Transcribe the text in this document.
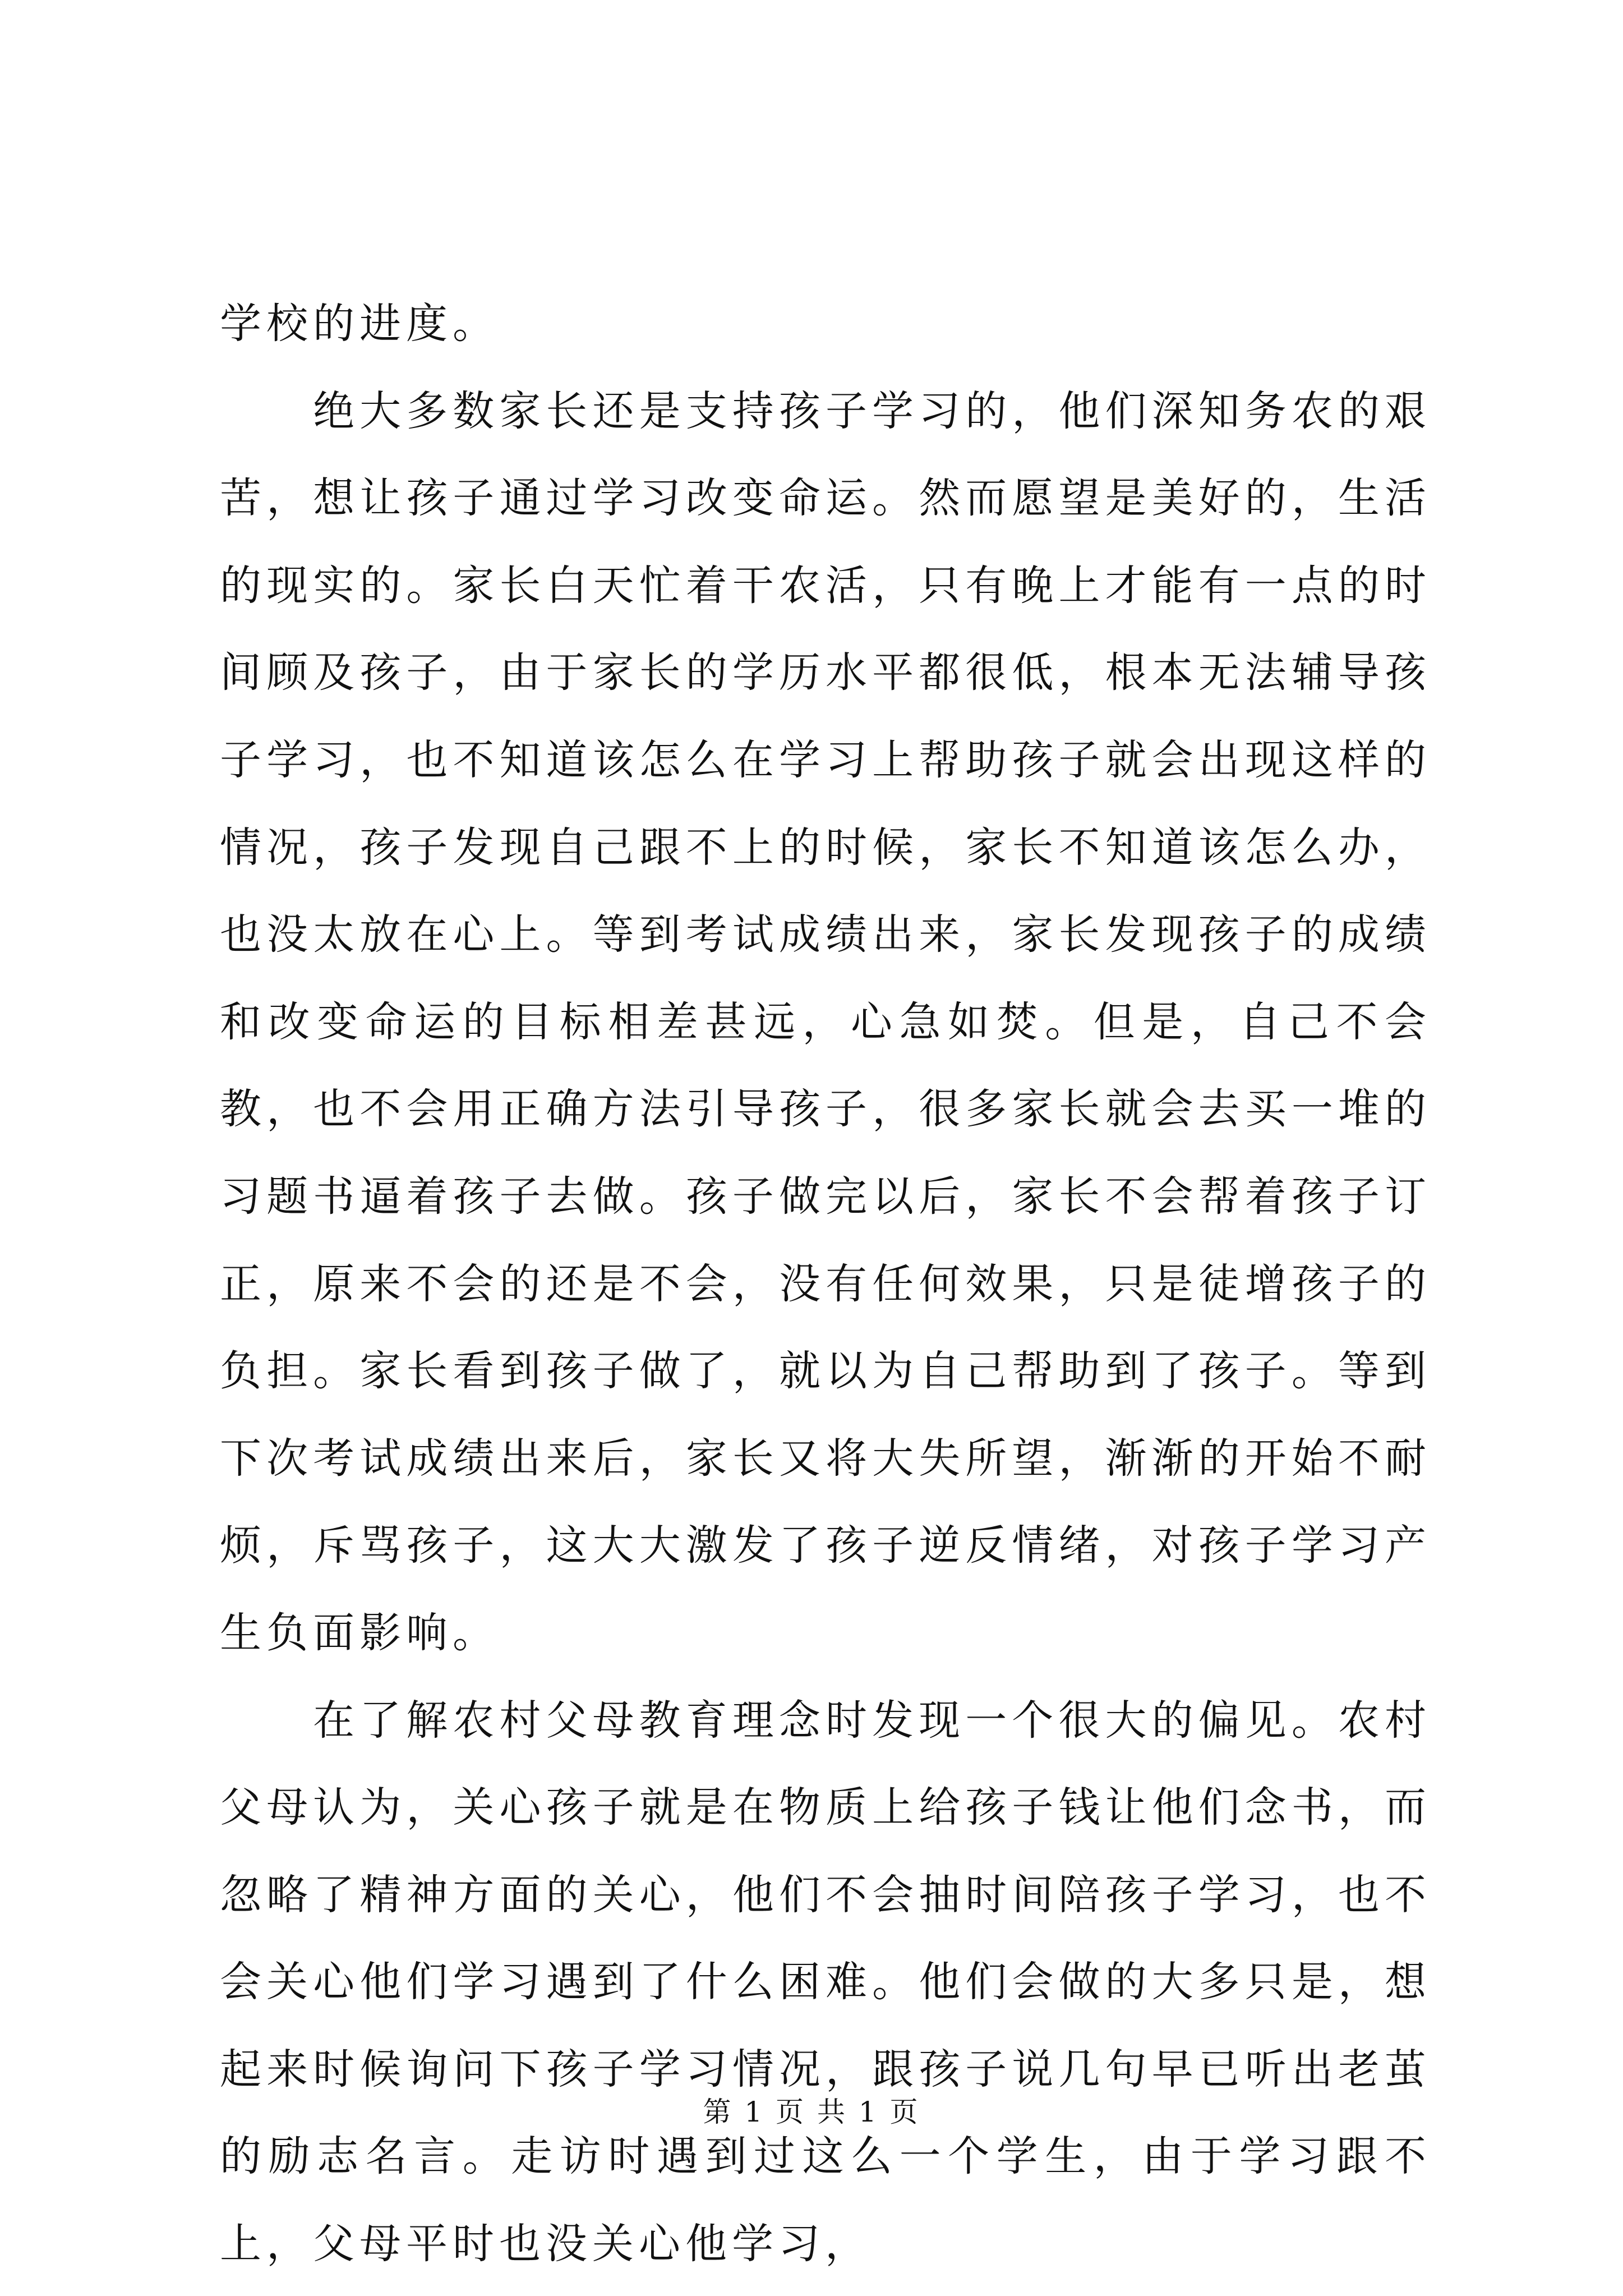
学校的进度。

绝大多数家长还是支持孩子学习的，他们深知务农的艰苦，想让孩子通过学习改变命运。然而愿望是美好的，生活的现实的。家长白天忙着干农活，只有晚上才能有一点的时间顾及孩子，由于家长的学历水平都很低，根本无法辅导孩子学习，也不知道该怎么在学习上帮助孩子就会出现这样的情况，孩子发现自己跟不上的时候，家长不知道该怎么办，也没太放在心上。等到考试成绩出来，家长发现孩子的成绩和改变命运的目标相差甚远，心急如焚。但是，自己不会教，也不会用正确方法引导孩子，很多家长就会去买一堆的习题书逼着孩子去做。孩子做完以后，家长不会帮着孩子订正，原来不会的还是不会，没有任何效果，只是徒增孩子的负担。家长看到孩子做了，就以为自己帮助到了孩子。等到下次考试成绩出来后，家长又将大失所望，渐渐的开始不耐烦，斥骂孩子，这大大激发了孩子逆反情绪，对孩子学习产生负面影响。

在了解农村父母教育理念时发现一个很大的偏见。农村父母认为，关心孩子就是在物质上给孩子钱让他们念书，而忽略了精神方面的关心，他们不会抽时间陪孩子学习，也不会关心他们学习遇到了什么困难。他们会做的大多只是，想起来时候询问下孩子学习情况，跟孩子说几句早已听出老茧的励志名言。走访时遇到过这么一个学生，由于学习跟不上，父母平时也没关心他学习，

第 1 页 共 1 页
